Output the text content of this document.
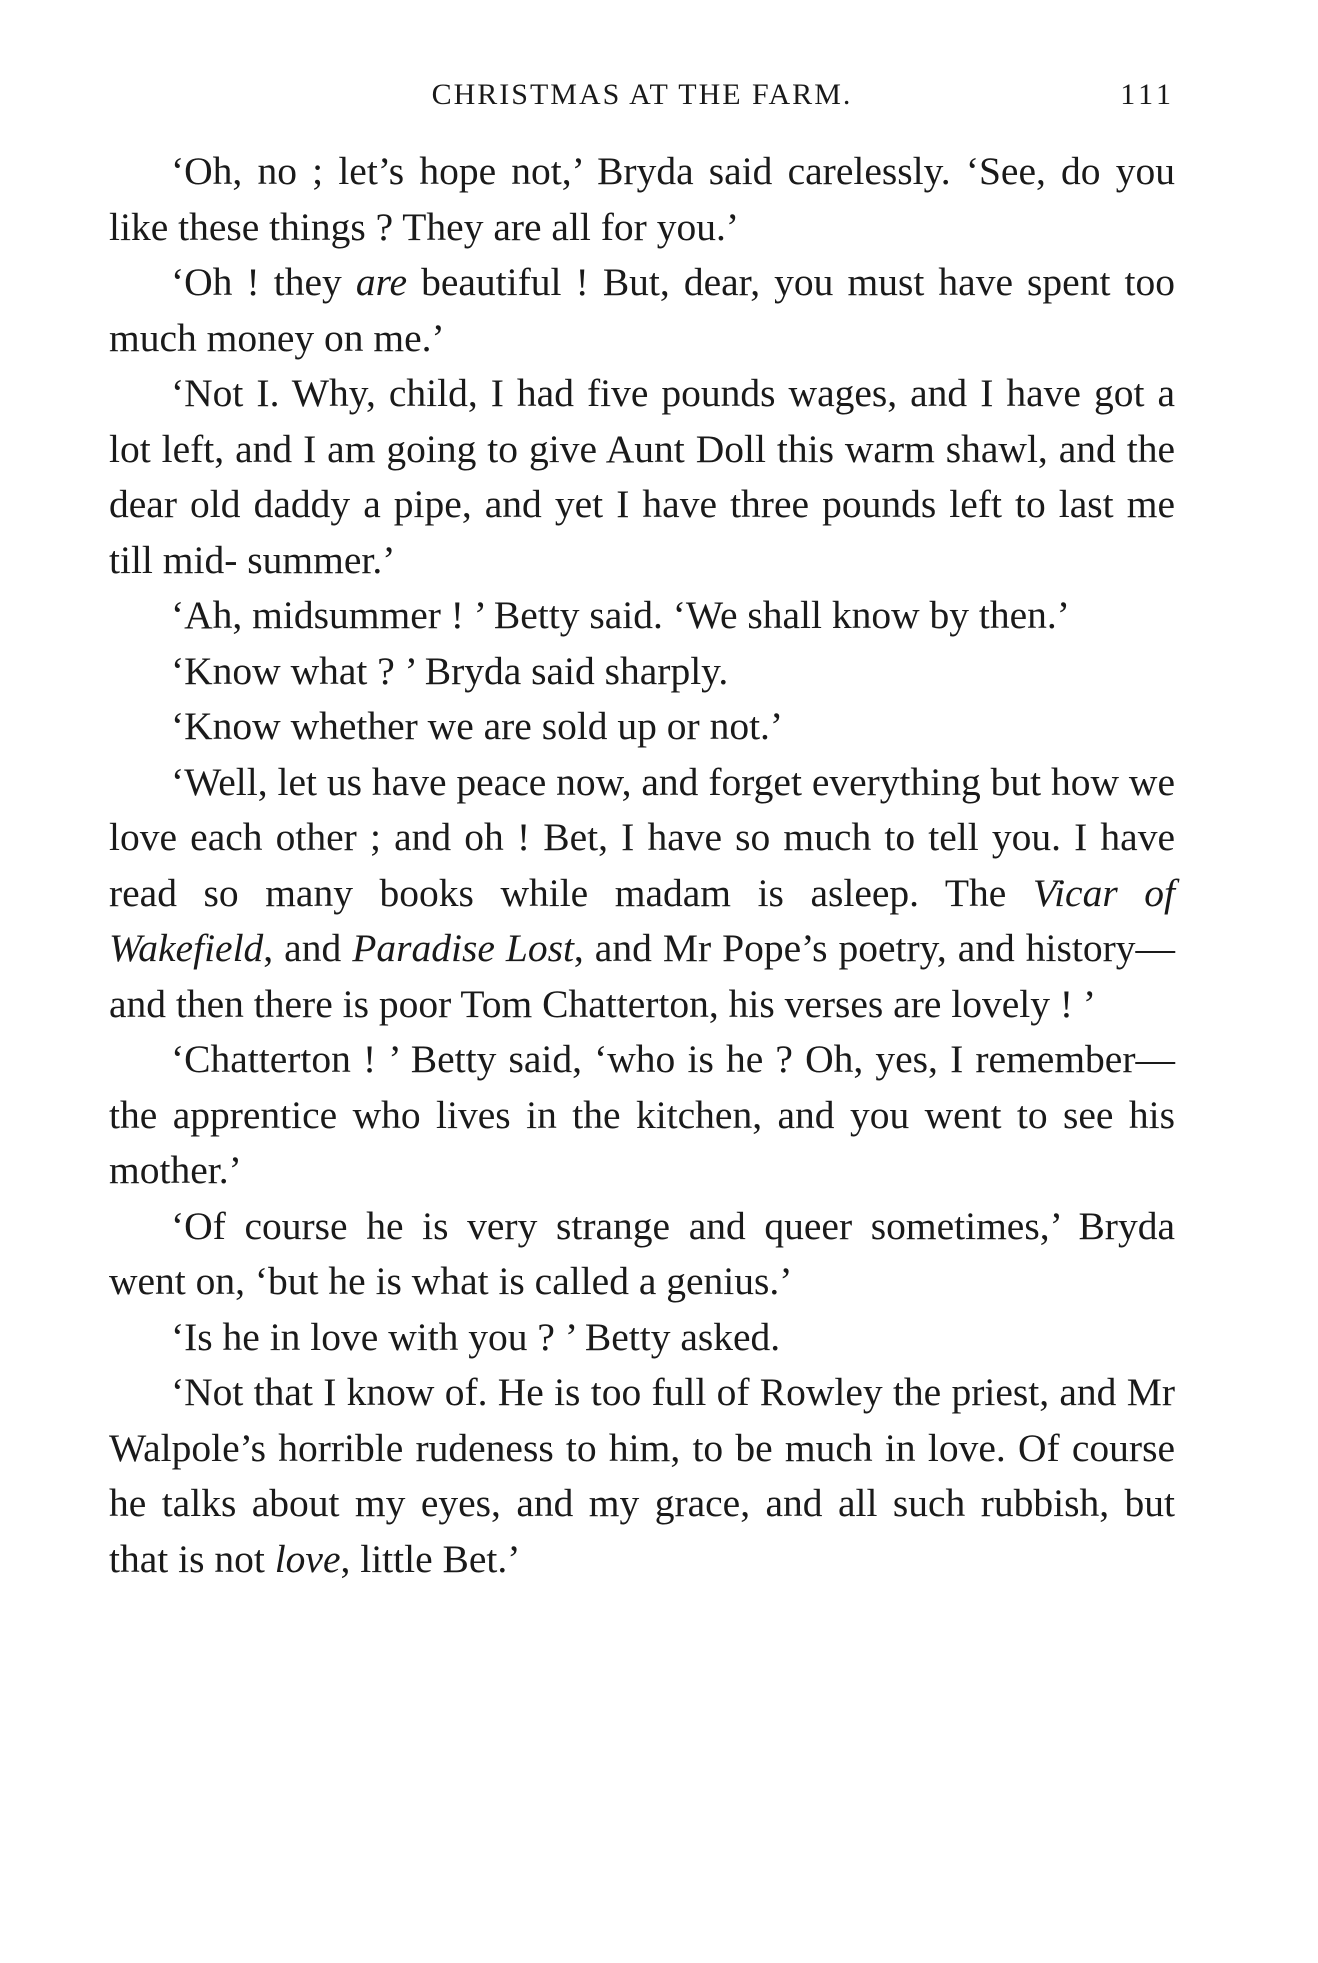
CHRISTMAS AT THE FARM.	111

‘Oh, no ; let’s hope not,’ Bryda said carelessly. ‘See, do you like these things ? They are all for you.’

‘Oh ! they are beautiful ! But, dear, you must have spent too much money on me.’

‘Not I. Why, child, I had five pounds wages, and I have got a lot left, and I am going to give Aunt Doll this warm shawl, and the dear old daddy a pipe, and yet I have three pounds left to last me till mid- summer.’

‘Ah, midsummer ! ’ Betty said. ‘We shall know by then.’

‘Know what ? ’ Bryda said sharply.

‘Know whether we are sold up or not.’

‘Well, let us have peace now, and forget everything but how we love each other ; and oh ! Bet, I have so much to tell you. I have read so many books while madam is asleep. The Vicar of Wakefield, and Paradise Lost, and Mr Pope’s poetry, and history—and then there is poor Tom Chatterton, his verses are lovely ! ’

‘Chatterton ! ’ Betty said, ‘who is he ? Oh, yes, I remember—the apprentice who lives in the kitchen, and you went to see his mother.’

‘Of course he is very strange and queer sometimes,’ Bryda went on, ‘but he is what is called a genius.’

‘Is he in love with you ? ’ Betty asked.

‘Not that I know of. He is too full of Rowley the priest, and Mr Walpole’s horrible rudeness to him, to be much in love. Of course he talks about my eyes, and my grace, and all such rubbish, but that is not love, little Bet.’
